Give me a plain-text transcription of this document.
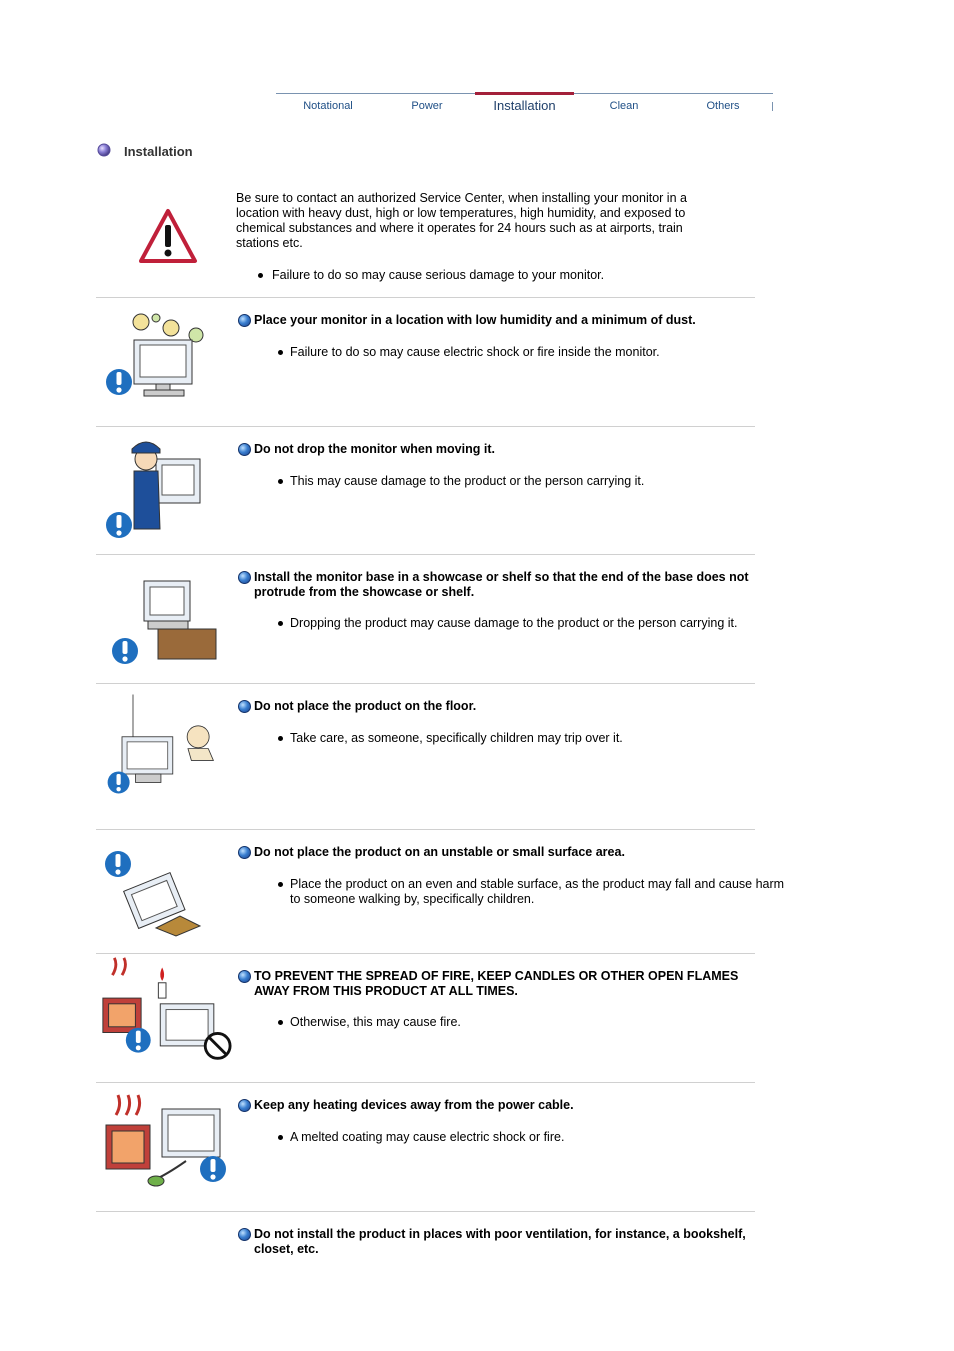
Notational	Power	Installation	Clean	Others
Installation
Be sure to contact an authorized Service Center, when installing your monitor in a location with heavy dust, high or low temperatures, high humidity, and exposed to chemical substances and where it operates for 24 hours such as at airports, train stations etc.
Failure to do so may cause serious damage to your monitor.
Place your monitor in a location with low humidity and a minimum of dust.
Failure to do so may cause electric shock or fire inside the monitor.
Do not drop the monitor when moving it.
This may cause damage to the product or the person carrying it.
Install the monitor base in a showcase or shelf so that the end of the base does not protrude from the showcase or shelf.
Dropping the product may cause damage to the product or the person carrying it.
Do not place the product on the floor.
Take care, as someone, specifically children may trip over it.
Do not place the product on an unstable or small surface area.
Place the product on an even and stable surface, as the product may fall and cause harm to someone walking by, specifically children.
TO PREVENT THE SPREAD OF FIRE, KEEP CANDLES OR OTHER OPEN FLAMES AWAY FROM THIS PRODUCT AT ALL TIMES.
Otherwise, this may cause fire.
Keep any heating devices away from the power cable.
A melted coating may cause electric shock or fire.
Do not install the product in places with poor ventilation, for instance, a bookshelf, closet, etc.
